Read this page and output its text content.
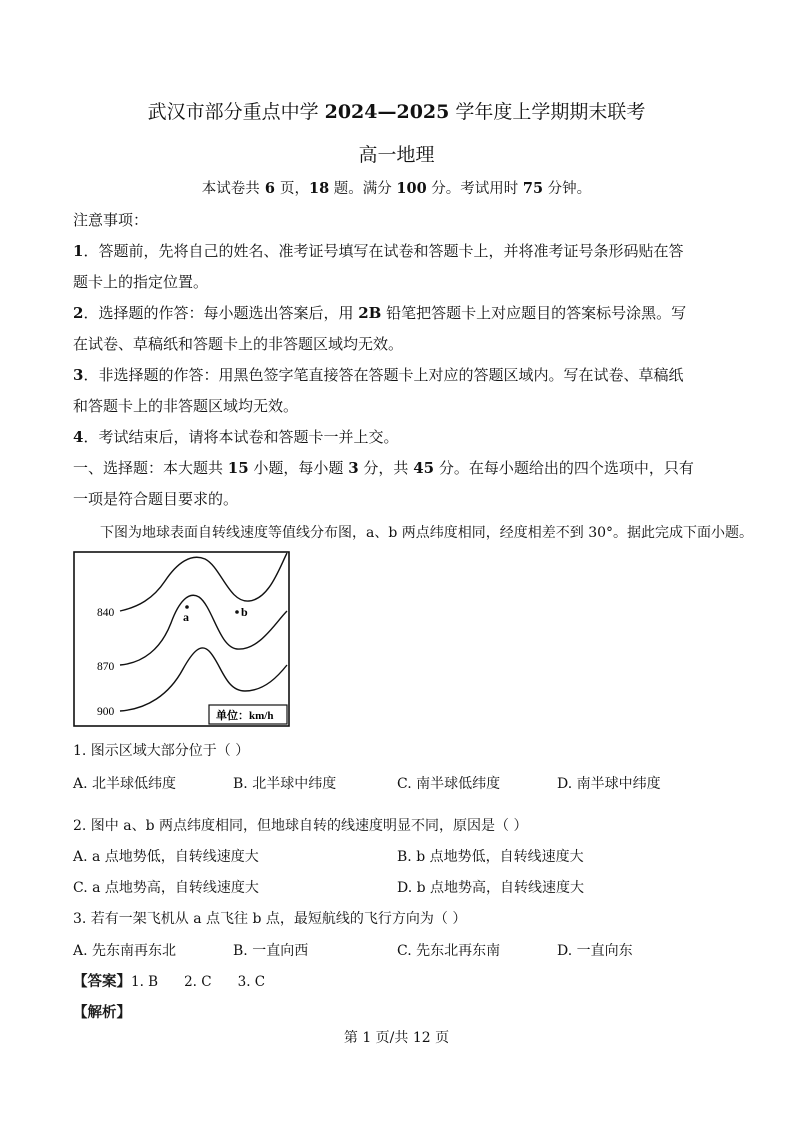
武汉市部分重点中学 2024—2025 学年度上学期期末联考
高一地理
本试卷共 6 页，18 题。满分 100 分。考试用时 75 分钟。
注意事项：
1．答题前，先将自己的姓名、准考证号填写在试卷和答题卡上，并将准考证号条形码贴在答
题卡上的指定位置。
2．选择题的作答：每小题选出答案后，用 2B 铅笔把答题卡上对应题目的答案标号涂黑。写
在试卷、草稿纸和答题卡上的非答题区域均无效。
3．非选择题的作答：用黑色签字笔直接答在答题卡上对应的答题区域内。写在试卷、草稿纸
和答题卡上的非答题区域均无效。
4．考试结束后，请将本试卷和答题卡一并上交。
一、选择题：本大题共 15 小题，每小题 3 分，共 45 分。在每小题给出的四个选项中，只有
一项是符合题目要求的。
下图为地球表面自转线速度等值线分布图，a、b 两点纬度相同，经度相差不到 30°。据此完成下面小题。
840
870
900
a	b
单位：km/h
1. 图示区域大部分位于（ ）
A. 北半球低纬度	B. 北半球中纬度	C. 南半球低纬度	D. 南半球中纬度
2. 图中 a、b 两点纬度相同，但地球自转的线速度明显不同，原因是（ ）
A. a 点地势低，自转线速度大	B. b 点地势低，自转线速度大
C. a 点地势高，自转线速度大	D. b 点地势高，自转线速度大
3. 若有一架飞机从 a 点飞往 b 点，最短航线的飞行方向为（ ）
A. 先东南再东北	B. 一直向西	C. 先东北再东南	D. 一直向东
【答案】1. B 2. C 3. C
【解析】
第 1 页/共 12 页
